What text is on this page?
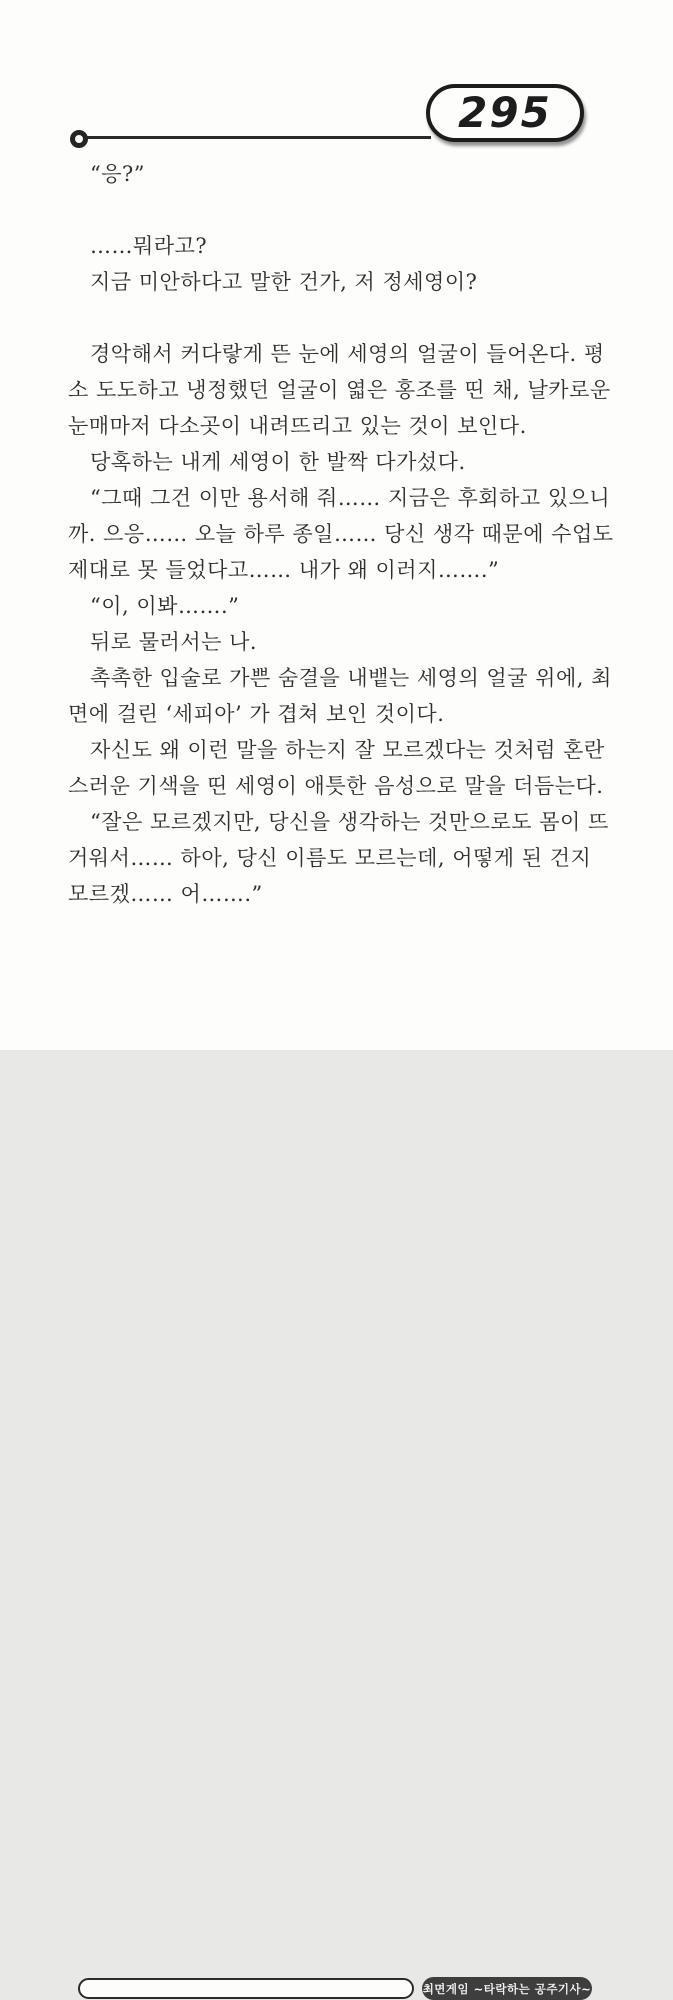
295
“응?”
……뭐라고?
지금 미안하다고 말한 건가, 저 정세영이?
경악해서 커다랗게 뜬 눈에 세영의 얼굴이 들어온다. 평
소 도도하고 냉정했던 얼굴이 엷은 홍조를 띤 채, 날카로운
눈매마저 다소곳이 내려뜨리고 있는 것이 보인다.
당혹하는 내게 세영이 한 발짝 다가섰다.
“그때 그건 이만 용서해 줘…… 지금은 후회하고 있으니
까. 으응…… 오늘 하루 종일…… 당신 생각 때문에 수업도
제대로 못 들었다고…… 내가 왜 이러지…….”
“이, 이봐…….”
뒤로 물러서는 나.
촉촉한 입술로 가쁜 숨결을 내뱉는 세영의 얼굴 위에, 최
면에 걸린 ‘세피아’ 가 겹쳐 보인 것이다.
자신도 왜 이런 말을 하는지 잘 모르겠다는 것처럼 혼란
스러운 기색을 띤 세영이 애틋한 음성으로 말을 더듬는다.
“잘은 모르겠지만, 당신을 생각하는 것만으로도 몸이 뜨
거워서…… 하아, 당신 이름도 모르는데, 어떻게 된 건지
모르겠…… 어…….”
최면게임 ~타락하는 공주기사~
